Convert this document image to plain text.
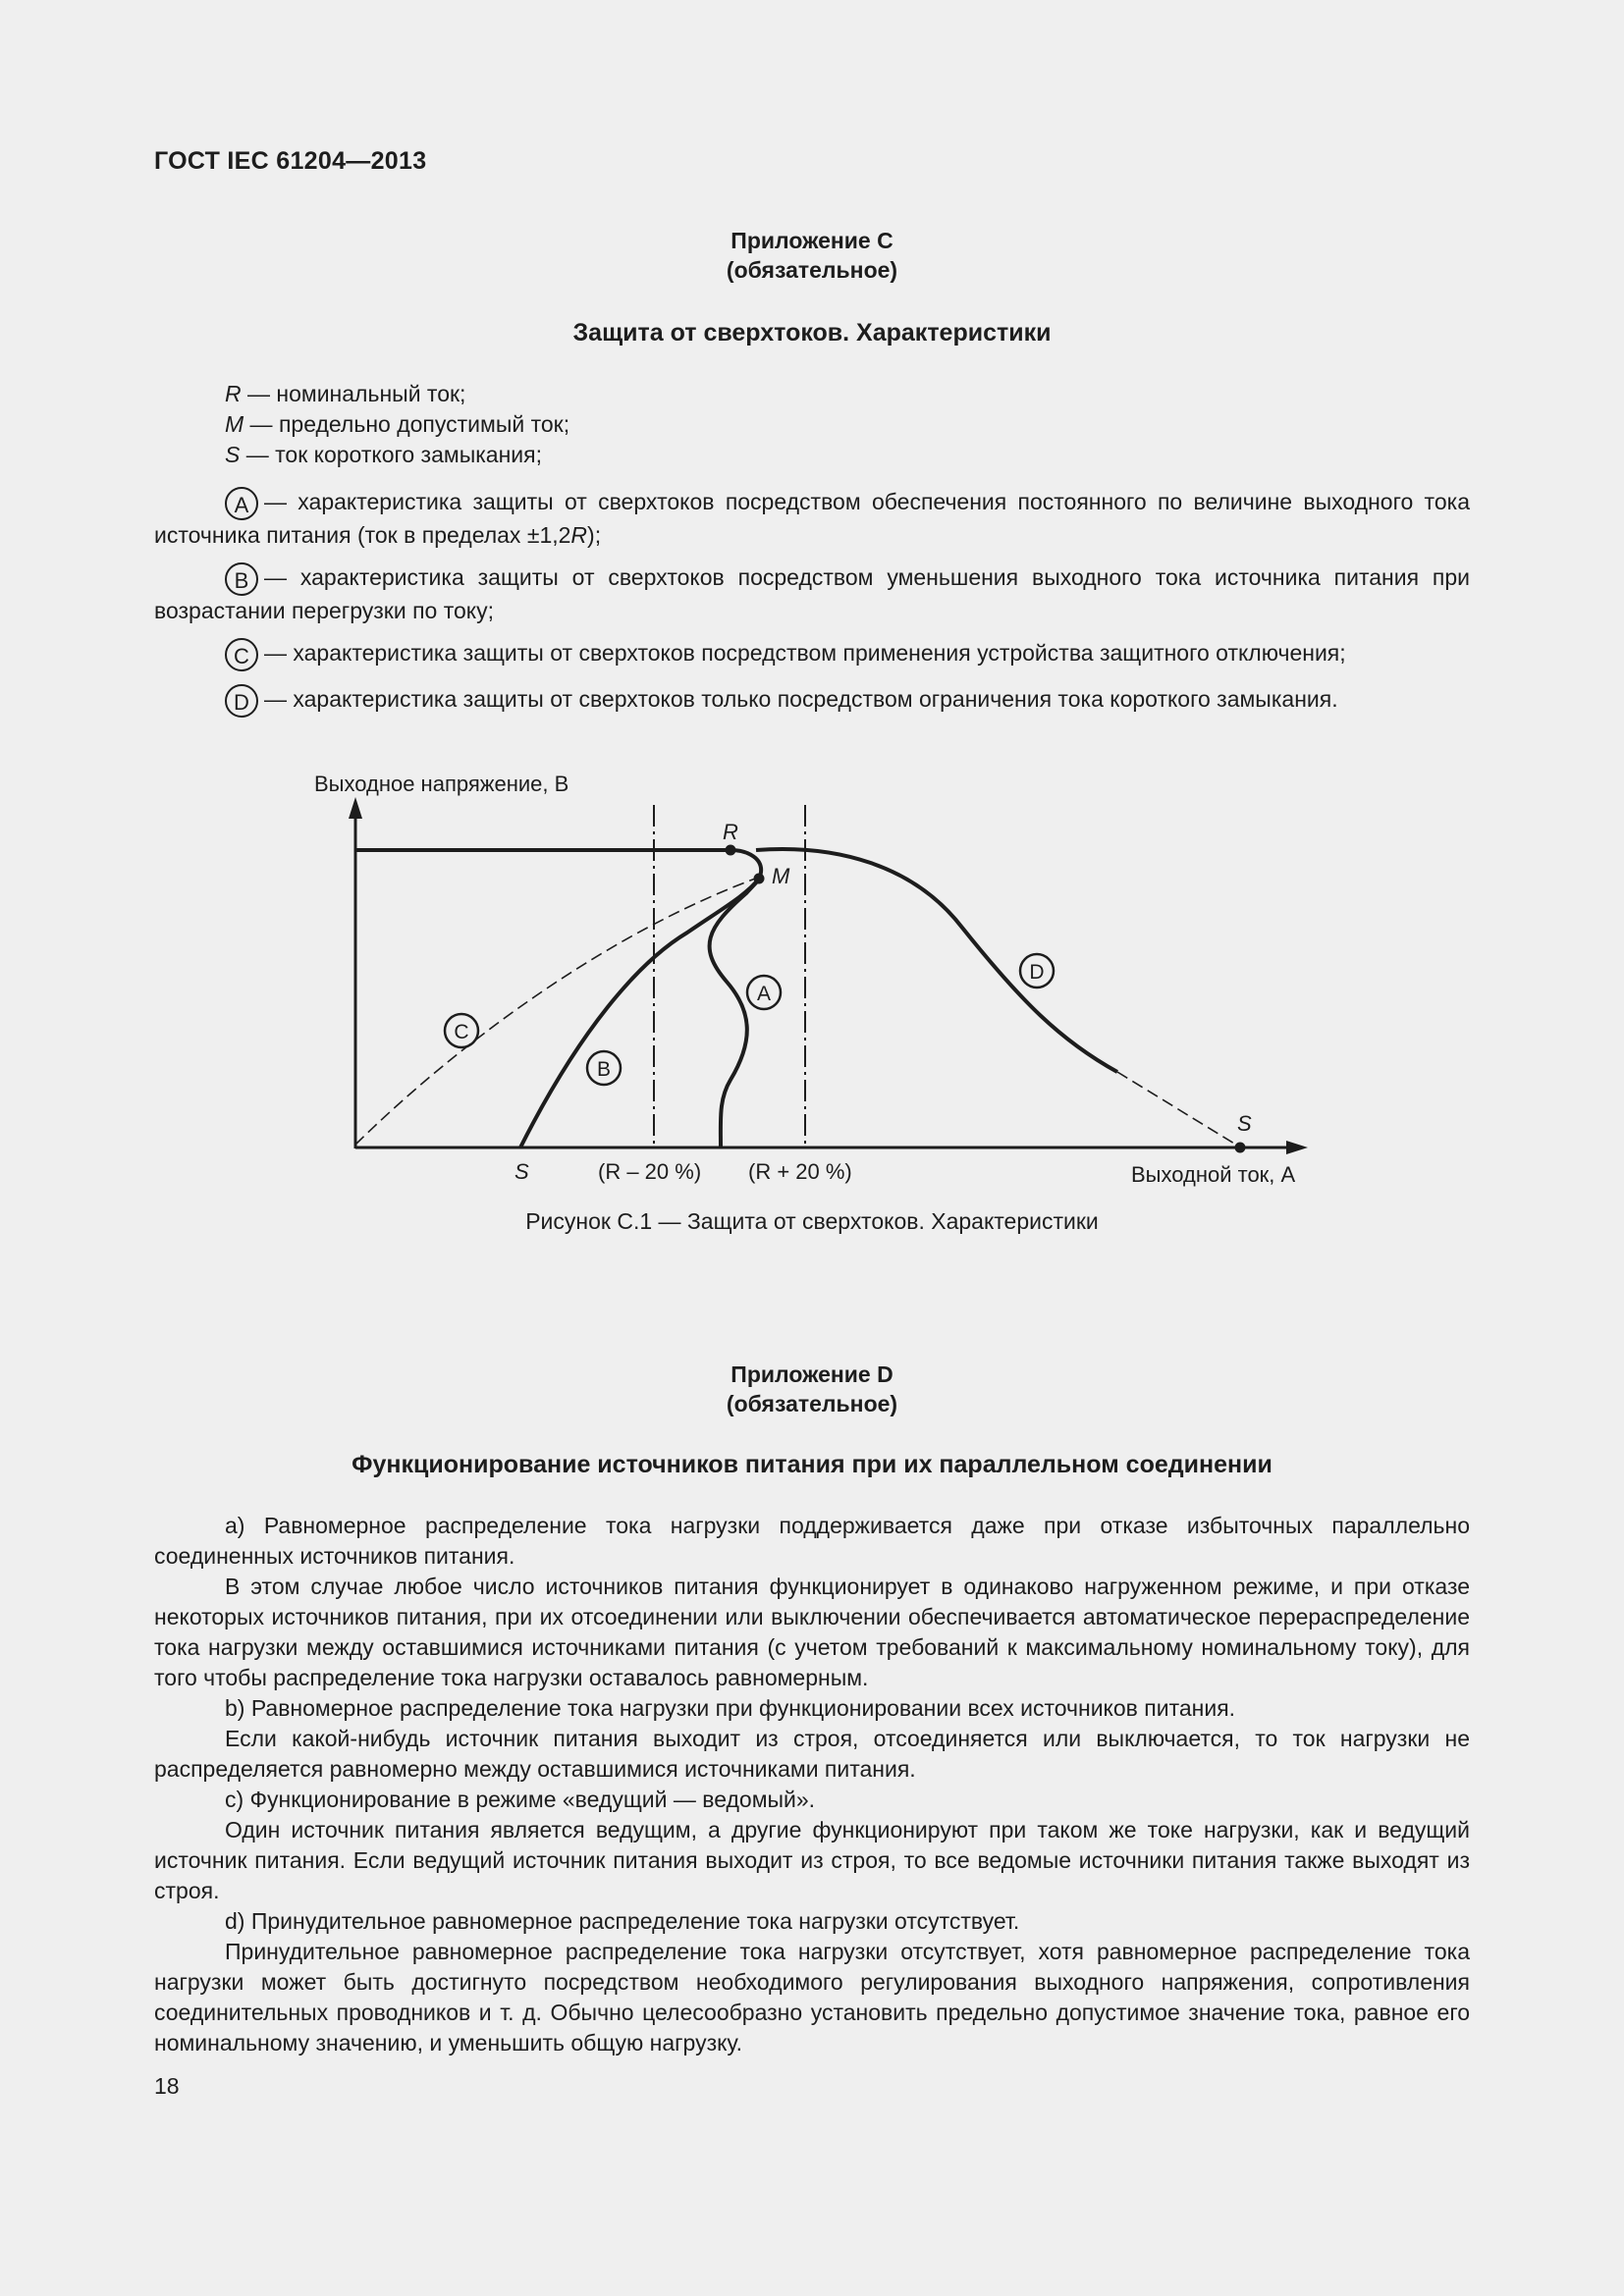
ГОСТ IEC 61204—2013
Приложение С
(обязательное)
Защита от сверхтоков. Характеристики
R — номинальный ток;
M — предельно допустимый ток;
S — ток короткого замыкания;
A — характеристика защиты от сверхтоков посредством обеспечения постоянного по величине выходного тока источника питания (ток в пределах ±1,2R);
B — характеристика защиты от сверхтоков посредством уменьшения выходного тока источника питания при возрастании перегрузки по току;
C — характеристика защиты от сверхтоков посредством применения устройства защитного отключения;
D — характеристика защиты от сверхтоков только посредством ограничения тока короткого замыкания.
Выходное напряжение, В
Выходной ток, А
(R – 20 %) (R + 20 %)
R
M
S
S
C
B
A
D
Рисунок С.1 — Защита от сверхтоков. Характеристики
Приложение D
(обязательное)
Функционирование источников питания при их параллельном соединении
a) Равномерное распределение тока нагрузки поддерживается даже при отказе избыточных параллельно соединенных источников питания.
В этом случае любое число источников питания функционирует в одинаково нагруженном режиме, и при отказе некоторых источников питания, при их отсоединении или выключении обеспечивается автоматическое перераспределение тока нагрузки между оставшимися источниками питания (с учетом требований к максимальному номинальному току), для того чтобы распределение тока нагрузки оставалось равномерным.
b) Равномерное распределение тока нагрузки при функционировании всех источников питания.
Если какой-нибудь источник питания выходит из строя, отсоединяется или выключается, то ток нагрузки не распределяется равномерно между оставшимися источниками питания.
c) Функционирование в режиме «ведущий — ведомый».
Один источник питания является ведущим, а другие функционируют при таком же токе нагрузки, как и ведущий источник питания. Если ведущий источник питания выходит из строя, то все ведомые источники питания также выходят из строя.
d) Принудительное равномерное распределение тока нагрузки отсутствует.
Принудительное равномерное распределение тока нагрузки отсутствует, хотя равномерное распределение тока нагрузки может быть достигнуто посредством необходимого регулирования выходного напряжения, сопротивления соединительных проводников и т. д. Обычно целесообразно установить предельно допустимое значение тока, равное его номинальному значению, и уменьшить общую нагрузку.
18
